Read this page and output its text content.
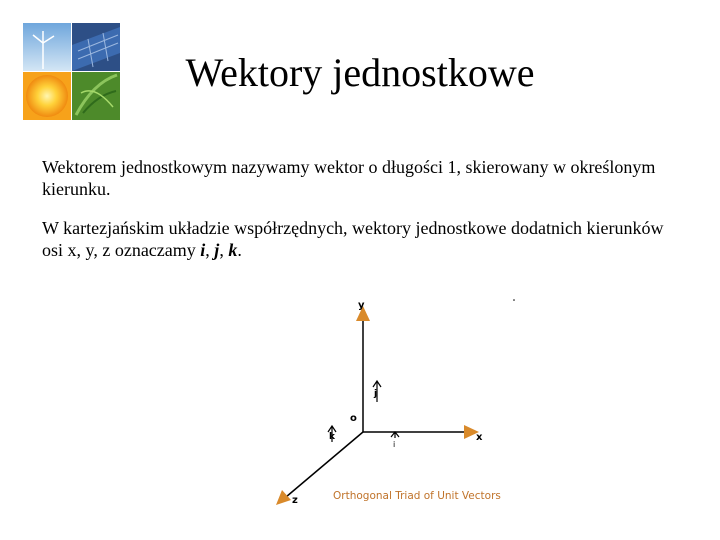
Wektory jednostkowe

Wektorem jednostkowym nazywamy wektor o długości 1, skierowany w określonym kierunku.

W kartezjańskim układzie współrzędnych, wektory jednostkowe dodatnich kierunków osi x, y, z oznaczamy i, j, k.

y
x
z
o
j
i
k
Orthogonal Triad of Unit Vectors
